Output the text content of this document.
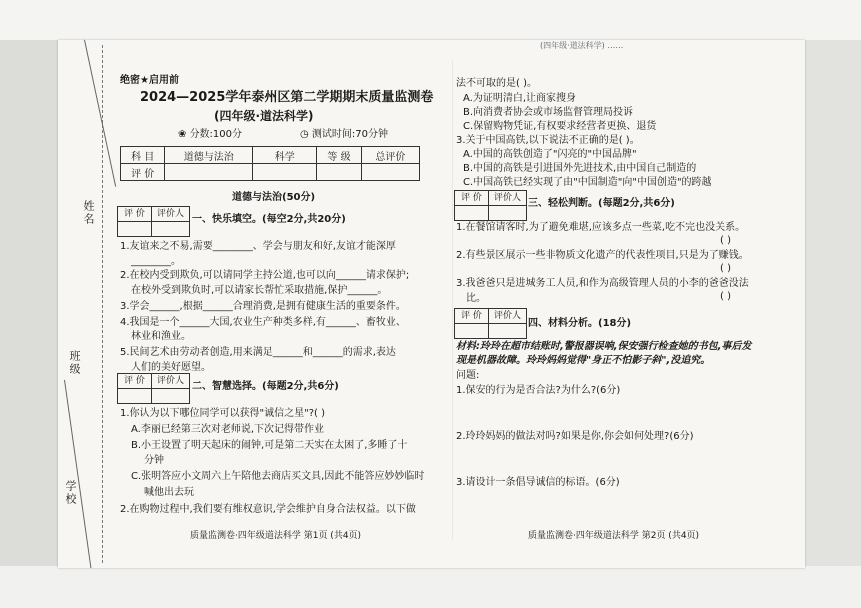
(四年级·道法科学) ……
姓名
班级
学校
绝密★启用前
2024—2025学年泰州区第二学期期末质量监测卷
(四年级·道法科学)
❀ 分数:100分	◷ 测试时间:70分钟
科 目	道德与法治	科学	等 级	总评价
评 价				
道德与法治(50分)
评 价	评价人 一、快乐填空。(每空2分,共20分)
1.友谊来之不易,需要________、学会与朋友和好,友谊才能深厚
________。
2.在校内受到欺负,可以请同学主持公道,也可以向______请求保护;
在校外受到欺负时,可以请家长帮忙采取措施,保护______。
3.学会______,根据______合理消费,是拥有健康生活的重要条件。
4.我国是一个______大国,农业生产种类多样,有______、畜牧业、
林业和渔业。
5.民间艺术由劳动者创造,用来满足______和______的需求,表达
人们的美好愿望。
评 价	评价人 二、智慧选择。(每题2分,共6分)
1.你认为以下哪位同学可以获得"诚信之星"?( )
A.李丽已经第三次对老师说,下次记得带作业
B.小王设置了明天起床的闹钟,可是第二天实在太困了,多睡了十
分钟
C.张明答应小文周六上午陪他去商店买文具,因此不能答应妙妙临时
喊他出去玩
2.在购物过程中,我们要有维权意识,学会维护自身合法权益。以下做
质量监测卷·四年级道法科学 第1页 (共4页)
法不可取的是( )。
A.为证明清白,让商家搜身
B.向消费者协会或市场监督管理局投诉
C.保留购物凭证,有权要求经营者更换、退货
3.关于中国高铁,以下说法不正确的是( )。
A.中国的高铁创造了"闪亮的"中国品牌"
B.中国的高铁是引进国外先进技术,由中国自己制造的
C.中国高铁已经实现了由"中国制造"向"中国创造"的跨越
评 价	评价人 三、轻松判断。(每题2分,共6分)
1.在餐馆请客时,为了避免难堪,应该多点一些菜,吃不完也没关系。
( )
2.有些景区展示一些非物质文化遗产的代表性项目,只是为了赚钱。
( )
3.我爸爸只是进城务工人员,和作为高级管理人员的小李的爸爸没法
比。	( )
评 价	评价人
四、材料分析。(18分)
材料:玲玲在超市结账时,警报器误响,保安强行检查她的书包,事后发
现是机器故障。玲玲妈妈觉得"身正不怕影子斜",没追究。
问题:
1.保安的行为是否合法?为什么?(6分)
2.玲玲妈妈的做法对吗?如果是你,你会如何处理?(6分)
3.请设计一条倡导诚信的标语。(6分)
质量监测卷·四年级道法科学 第2页 (共4页)
